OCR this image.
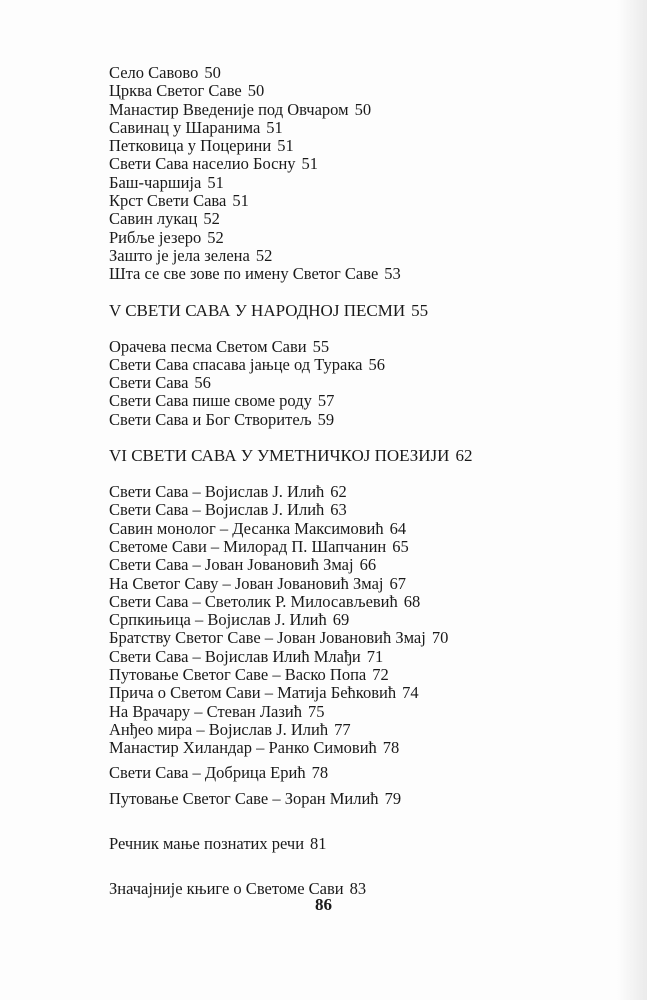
Село Савово 50
Црква Светог Саве 50
Манастир Введеније под Овчаром 50
Савинац у Шаранима 51
Петковица у Поцерини 51
Свети Сава населио Босну 51
Баш-чаршија 51
Крст Свети Сава 51
Савин лукац 52
Рибље језеро 52
Зашто је јела зелена 52
Шта се све зове по имену Светог Саве 53
V СВЕТИ САВА У НАРОДНОЈ ПЕСМИ 55
Орачева песма Светом Сави 55
Свети Сава спасава јањце од Турака 56
Свети Сава 56
Свети Сава пише своме роду 57
Свети Сава и Бог Створитељ 59
VI СВЕТИ САВА У УМЕТНИЧКОЈ ПОЕЗИЈИ 62
Свети Сава – Војислав Ј. Илић 62
Свети Сава – Војислав Ј. Илић 63
Савин монолог – Десанка Максимовић 64
Светоме Сави – Милорад П. Шапчанин 65
Свети Сава – Јован Јовановић Змај 66
На Светог Саву – Јован Јовановић Змај 67
Свети Сава – Светолик Р. Милосављевић 68
Српкињица – Војислав Ј. Илић 69
Братству Светог Саве – Јован Јовановић Змај 70
Свети Сава – Војислав Илић Млађи 71
Путовање Светог Саве – Васко Попа 72
Прича о Светом Сави – Матија Бећковић 74
На Врачару – Стеван Лазић 75
Анђео мира – Војислав Ј. Илић 77
Манастир Хиландар – Ранко Симовић 78
Свети Сава – Добрица Ерић 78
Путовање Светог Саве – Зоран Милић 79
Речник мање познатих речи 81
Значајније књиге о Светоме Сави 83
86
